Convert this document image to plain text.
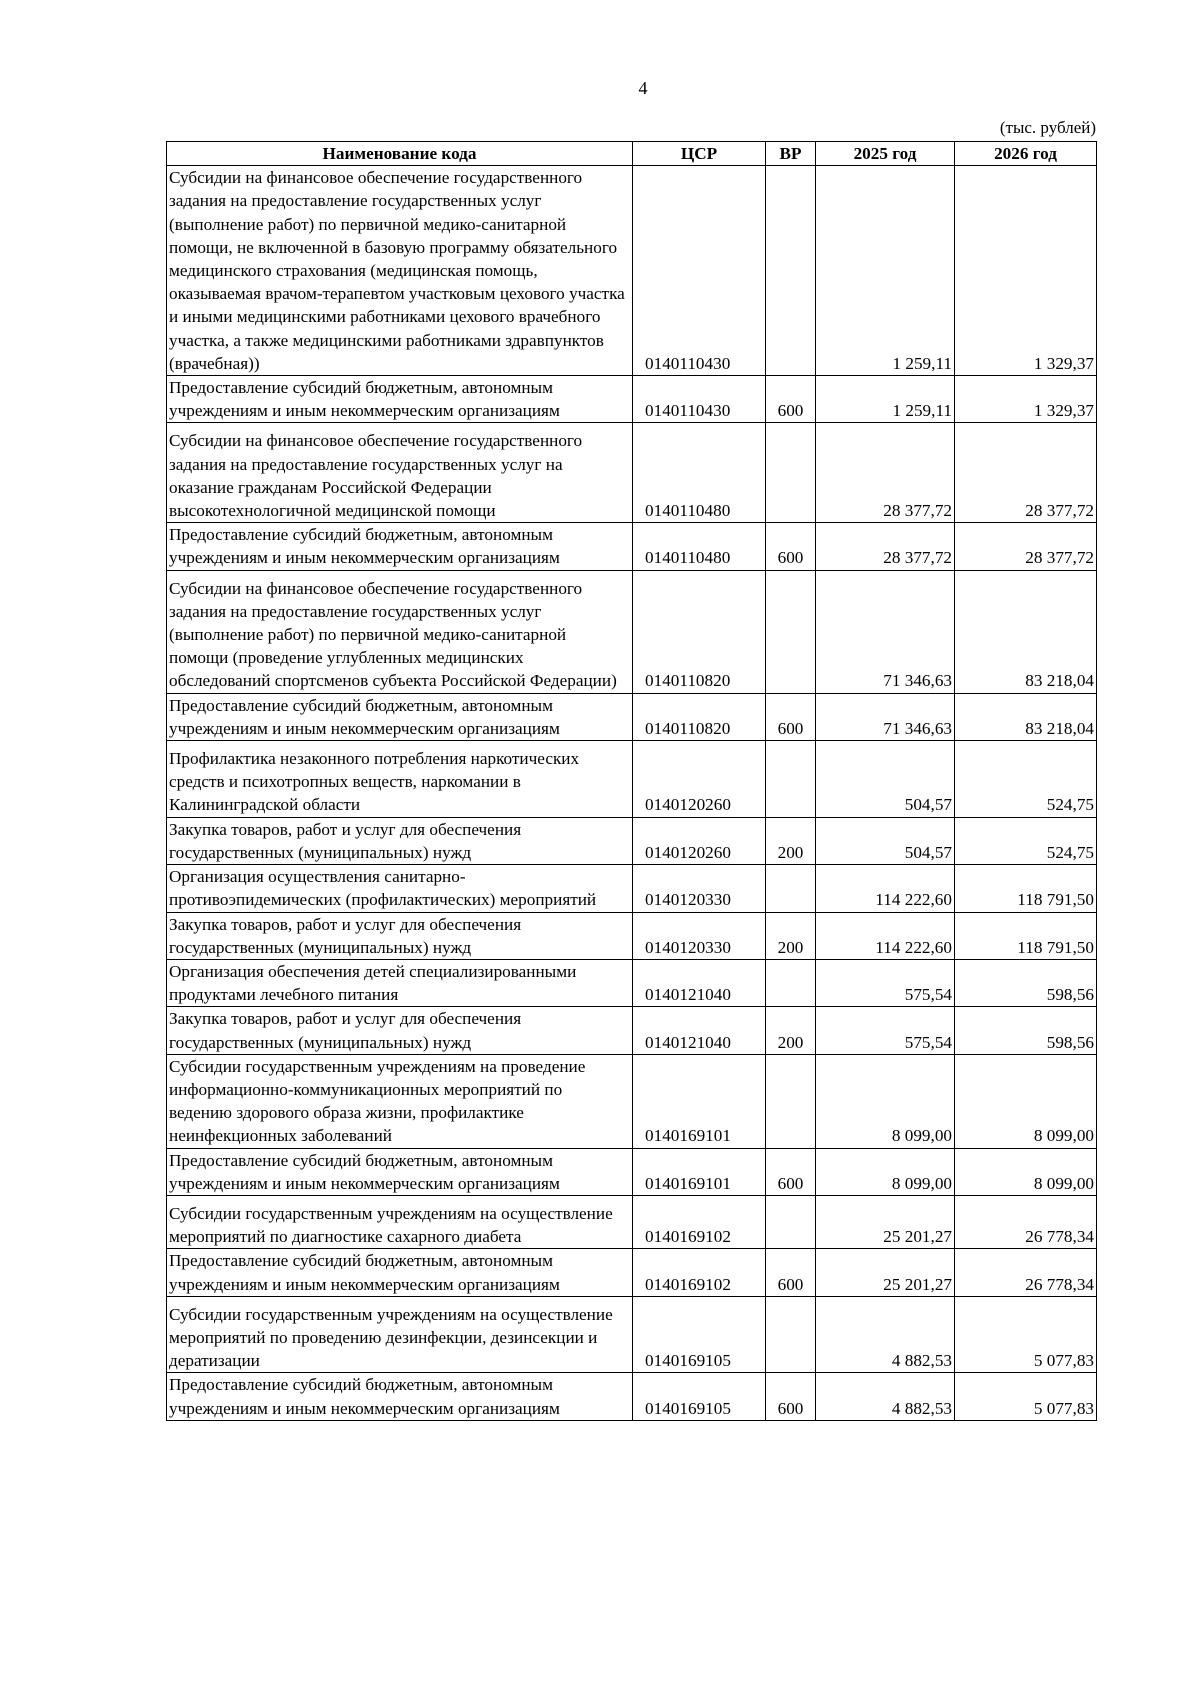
4
(тыс. рублей)
Наименование кода	ЦСР	ВР	2025 год	2026 год
Субсидии на финансовое обеспечение государственного задания на предоставление государственных услуг (выполнение работ) по первичной медико-санитарной помощи, не включенной в базовую программу обязательного медицинского страхования (медицинская помощь, оказываемая врачом-терапевтом участковым цехового участка и иными медицинскими работниками цехового врачебного участка, а также медицинскими работниками здравпунктов (врачебная))	0140110430		1 259,11	1 329,37
Предоставление субсидий бюджетным, автономным учреждениям и иным некоммерческим организациям	0140110430	600	1 259,11	1 329,37
Субсидии на финансовое обеспечение государственного задания на предоставление государственных услуг на оказание гражданам Российской Федерации высокотехнологичной медицинской помощи	0140110480		28 377,72	28 377,72
Предоставление субсидий бюджетным, автономным учреждениям и иным некоммерческим организациям	0140110480	600	28 377,72	28 377,72
Субсидии на финансовое обеспечение государственного задания на предоставление государственных услуг (выполнение работ) по первичной медико-санитарной помощи (проведение углубленных медицинских обследований спортсменов субъекта Российской Федерации)	0140110820		71 346,63	83 218,04
Предоставление субсидий бюджетным, автономным учреждениям и иным некоммерческим организациям	0140110820	600	71 346,63	83 218,04
Профилактика незаконного потребления наркотических средств и психотропных веществ, наркомании в Калининградской области	0140120260		504,57	524,75
Закупка товаров, работ и услуг для обеспечения государственных (муниципальных) нужд	0140120260	200	504,57	524,75
Организация осуществления санитарно-противоэпидемических (профилактических) мероприятий	0140120330		114 222,60	118 791,50
Закупка товаров, работ и услуг для обеспечения государственных (муниципальных) нужд	0140120330	200	114 222,60	118 791,50
Организация обеспечения детей специализированными продуктами лечебного питания	0140121040		575,54	598,56
Закупка товаров, работ и услуг для обеспечения государственных (муниципальных) нужд	0140121040	200	575,54	598,56
Субсидии государственным учреждениям на проведение информационно-коммуникационных мероприятий по ведению здорового образа жизни, профилактике неинфекционных заболеваний	0140169101		8 099,00	8 099,00
Предоставление субсидий бюджетным, автономным учреждениям и иным некоммерческим организациям	0140169101	600	8 099,00	8 099,00
Субсидии государственным учреждениям на осуществление мероприятий по диагностике сахарного диабета	0140169102		25 201,27	26 778,34
Предоставление субсидий бюджетным, автономным учреждениям и иным некоммерческим организациям	0140169102	600	25 201,27	26 778,34
Субсидии государственным учреждениям на осуществление мероприятий по проведению дезинфекции, дезинсекции и дератизации	0140169105		4 882,53	5 077,83
Предоставление субсидий бюджетным, автономным учреждениям и иным некоммерческим организациям	0140169105	600	4 882,53	5 077,83
